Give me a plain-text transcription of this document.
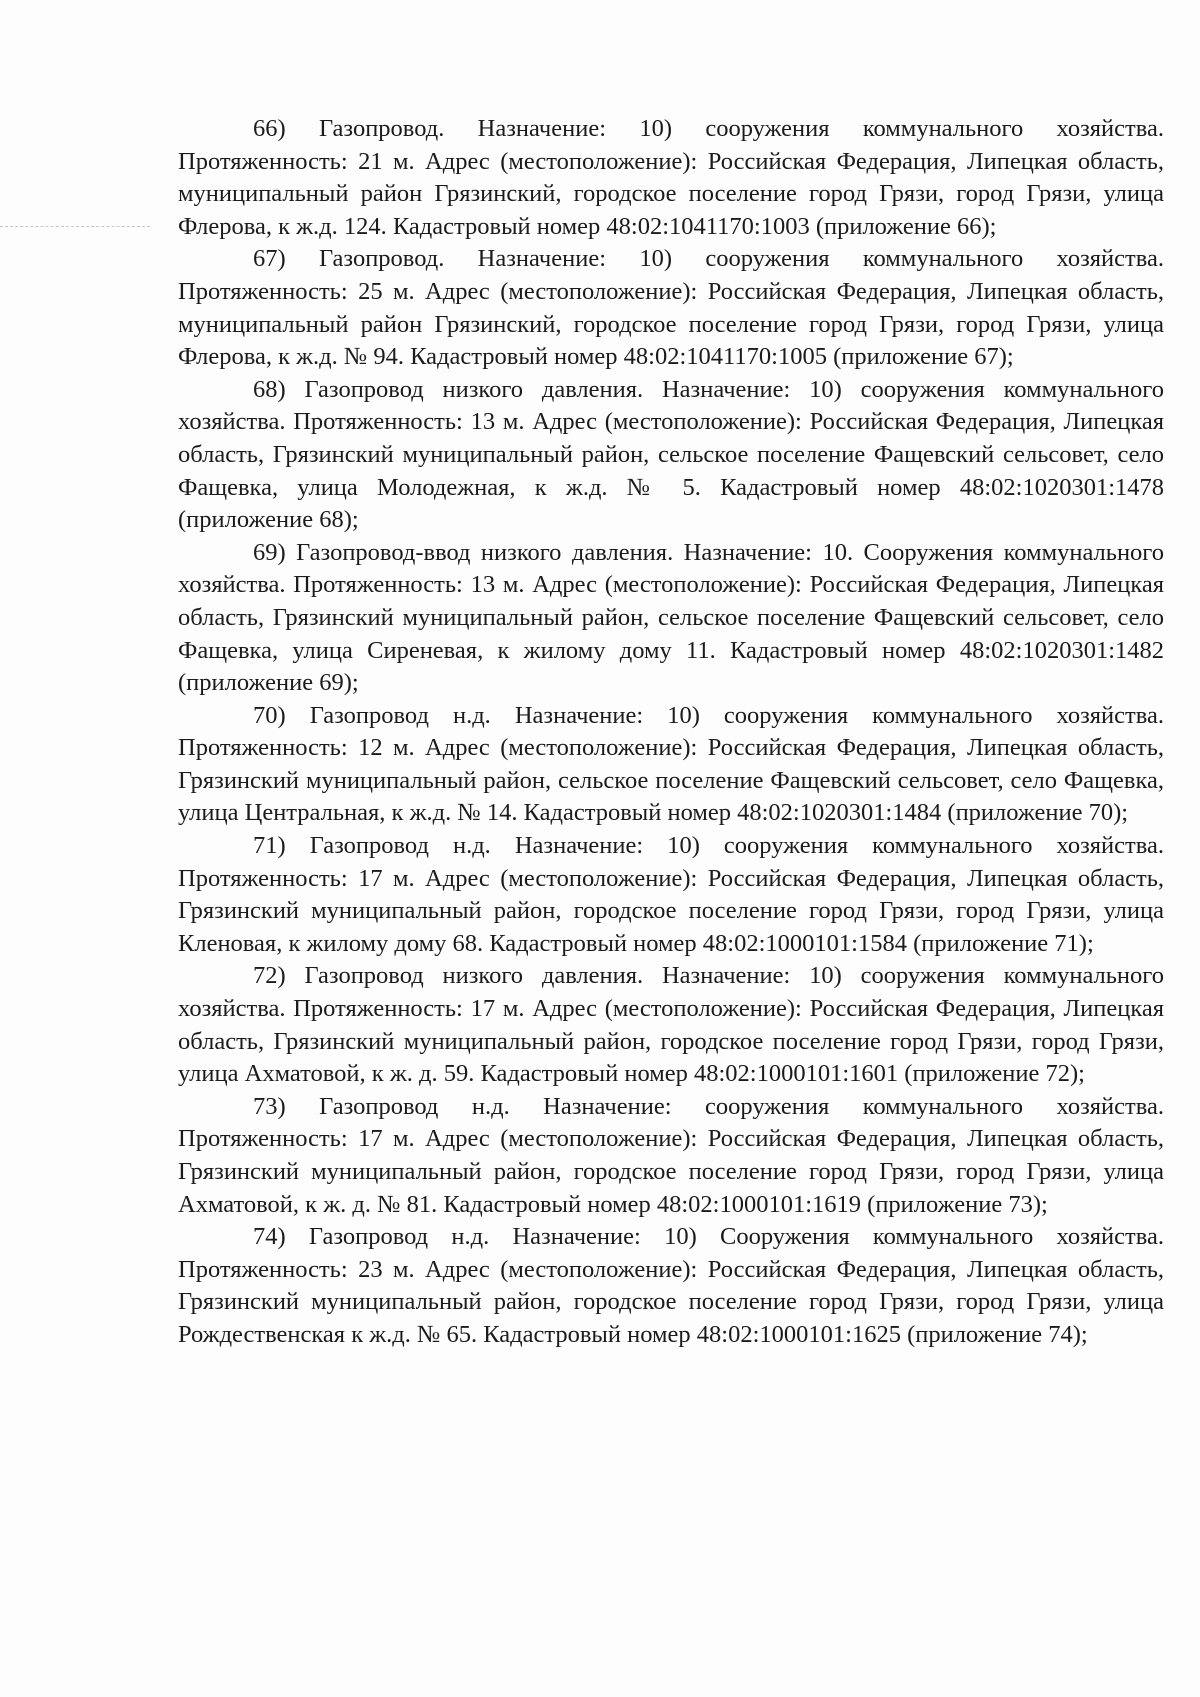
66) Газопровод. Назначение: 10) сооружения коммунального хозяйства. Протяженность: 21 м. Адрес (местоположение): Российская Федерация, Липецкая область, муниципальный район Грязинский, городское поселение город Грязи, город Грязи, улица Флерова, к ж.д. 124. Кадастровый номер 48:02:1041170:1003 (приложение 66);

67) Газопровод. Назначение: 10) сооружения коммунального хозяйства. Протяженность: 25 м. Адрес (местоположение): Российская Федерация, Липецкая область, муниципальный район Грязинский, городское поселение город Грязи, город Грязи, улица Флерова, к ж.д. № 94. Кадастровый номер 48:02:1041170:1005 (приложение 67);

68) Газопровод низкого давления. Назначение: 10) сооружения коммунального хозяйства. Протяженность: 13 м. Адрес (местоположение): Российская Федерация, Липецкая область, Грязинский муниципальный район, сельское поселение Фащевский сельсовет, село Фащевка, улица Молодежная, к ж.д. № 5. Кадастровый номер 48:02:1020301:1478 (приложение 68);

69) Газопровод-ввод низкого давления. Назначение: 10. Сооружения коммунального хозяйства. Протяженность: 13 м. Адрес (местоположение): Российская Федерация, Липецкая область, Грязинский муниципальный район, сельское поселение Фащевский сельсовет, село Фащевка, улица Сиреневая, к жилому дому 11. Кадастровый номер 48:02:1020301:1482 (приложение 69);

70) Газопровод н.д. Назначение: 10) сооружения коммунального хозяйства. Протяженность: 12 м. Адрес (местоположение): Российская Федерация, Липецкая область, Грязинский муниципальный район, сельское поселение Фащевский сельсовет, село Фащевка, улица Центральная, к ж.д. № 14. Кадастровый номер 48:02:1020301:1484 (приложение 70);

71) Газопровод н.д. Назначение: 10) сооружения коммунального хозяйства. Протяженность: 17 м. Адрес (местоположение): Российская Федерация, Липецкая область, Грязинский муниципальный район, городское поселение город Грязи, город Грязи, улица Кленовая, к жилому дому 68. Кадастровый номер 48:02:1000101:1584 (приложение 71);

72) Газопровод низкого давления. Назначение: 10) сооружения коммунального хозяйства. Протяженность: 17 м. Адрес (местоположение): Российская Федерация, Липецкая область, Грязинский муниципальный район, городское поселение город Грязи, город Грязи, улица Ахматовой, к ж. д. 59. Кадастровый номер 48:02:1000101:1601 (приложение 72);

73) Газопровод н.д. Назначение: сооружения коммунального хозяйства. Протяженность: 17 м. Адрес (местоположение): Российская Федерация, Липецкая область, Грязинский муниципальный район, городское поселение город Грязи, город Грязи, улица Ахматовой, к ж. д. № 81. Кадастровый номер 48:02:1000101:1619 (приложение 73);

74) Газопровод н.д. Назначение: 10) Сооружения коммунального хозяйства. Протяженность: 23 м. Адрес (местоположение): Российская Федерация, Липецкая область, Грязинский муниципальный район, городское поселение город Грязи, город Грязи, улица Рождественская к ж.д. № 65. Кадастровый номер 48:02:1000101:1625 (приложение 74);
